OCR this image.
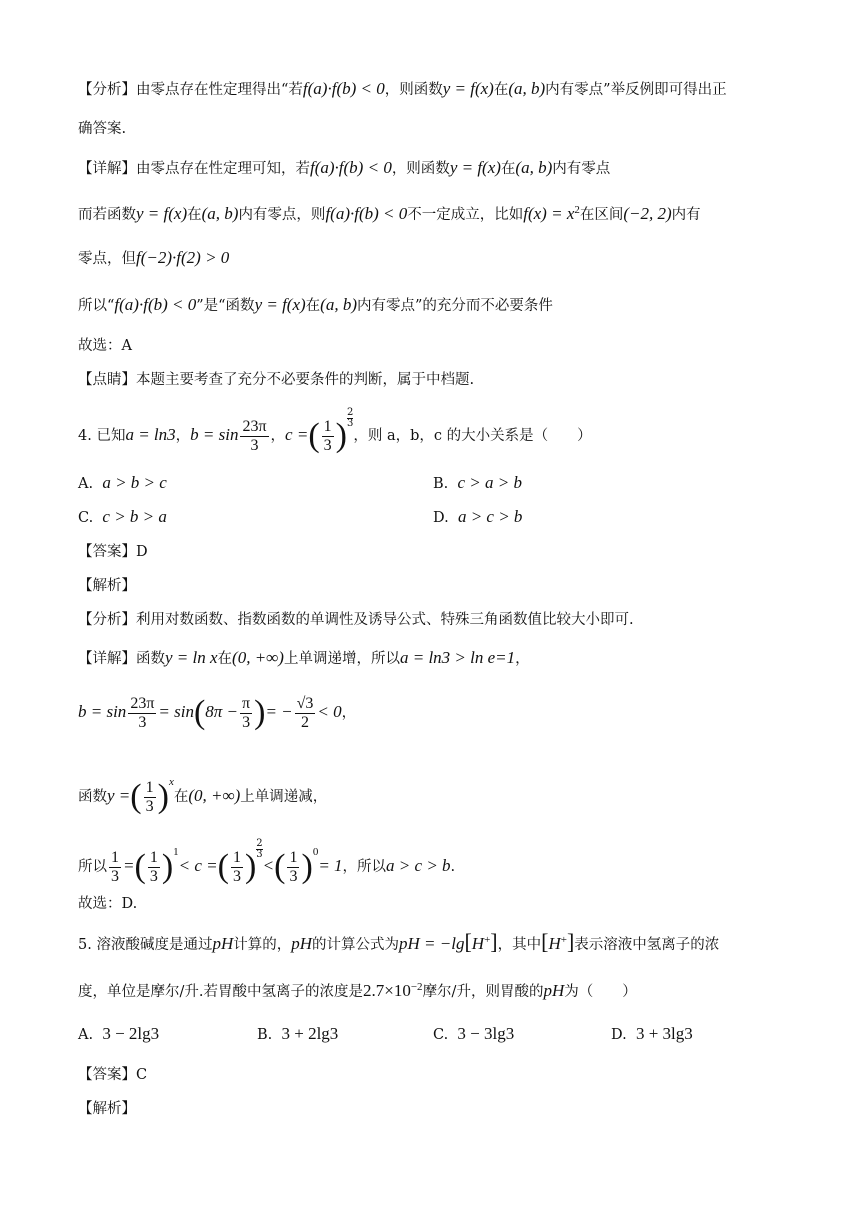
【分析】由零点存在性定理得出“若f(a)·f(b) < 0，则函数y = f(x)在(a, b)内有零点”举反例即可得出正
确答案.
【详解】由零点存在性定理可知，若f(a)·f(b) < 0，则函数y = f(x)在(a, b)内有零点
而若函数y = f(x)在(a, b)内有零点，则f(a)·f(b) < 0不一定成立，比如$f(x) = x^2$在区间(−2, 2)内有
零点，但f(−2)·f(2) > 0
所以“f(a)·f(b) < 0”是“函数y = f(x)在(a, b)内有零点”的充分而不必要条件
故选：A
【点睛】本题主要考查了充分不必要条件的判断，属于中档题.
4. 已知a = ln3，$b = \sin \frac{23\pi}{3}$ ，c =( $\frac{1}{3}$ ) $\frac{2}{3}$，则 a，b，c 的大小关系是（　　）
A. a > b > c	B. c > a > b
C. c > b > a	D. a > c > b
【答案】D
【解析】
【分析】利用对数函数、指数函数的单调性及诱导公式、特殊三角函数值比较大小即可.
【详解】函数y = ln x在(0, +∞)上单调递增，所以a = ln3 > ln e=1，
$b = \sin \frac{23\pi}{3} = \sin(8\pi - \frac{\pi}{3}$ )= − $\frac{√3}{2} < 0$，
函数y =( $\frac{1}{3} )^x$在(0, +∞)上单调递减，
所以 $\frac{1}{3}$ =( $\frac{1}{3} )^1< c$ =( $\frac{1}{3}$ ) $\frac{2}{3}<( \frac{1}{3} )^0= 1$，所以a > c > b.
故选：D.
5. 溶液酸碱度是通过pH计算的，pH的计算公式为pH = −lg[H+]，其中[H+]表示溶液中氢离子的浓
度，单位是摩尔/升.若胃酸中氢离子的浓度是$2.7\times 10^{-2}$摩尔/升，则胃酸的pH为（　　）
A. 3 − 2lg3	B. 3 + 2lg3	C. 3 − 3lg3	D. 3 + 3lg3
【答案】C
【解析】
